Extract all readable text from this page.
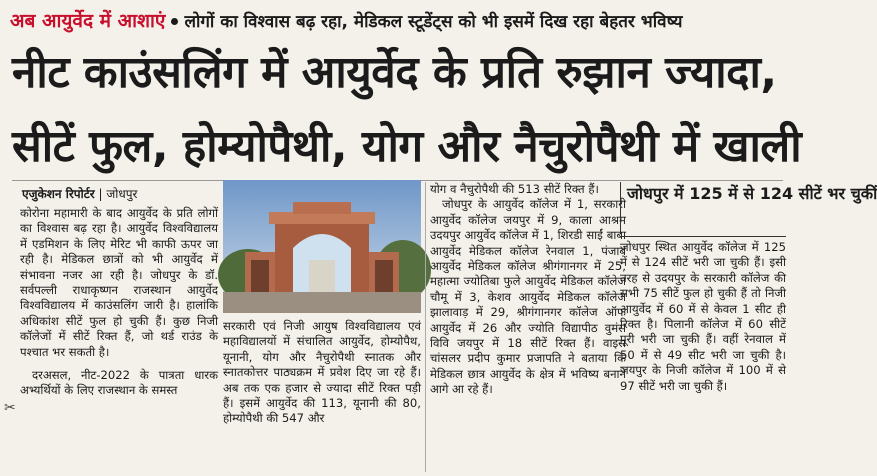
अब आयुर्वेद में आशाएं लोगों का विश्वास बढ़ रहा, मेडिकल स्टूडेंट्स को भी इसमें दिख रहा बेहतर भविष्य
नीट काउंसलिंग में आयुर्वेद के प्रति रुझान ज्यादा,
सीटें फुल, होम्योपैथी, योग और नैचुरोपैथी में खाली
एजुकेशन रिपोर्टर | जोधपुर

कोरोना महामारी के बाद आयुर्वेद के प्रति लोगों का विश्वास बढ़ रहा है। आयुर्वेद विश्वविद्यालय में एडमिशन के लिए मेरिट भी काफी ऊपर जा रही है। मेडिकल छात्रों को भी आयुर्वेद में संभावना नजर आ रही है। जोधपुर के डॉ. सर्वपल्ली राधाकृष्णन राजस्थान आयुर्वेद विश्वविद्यालय में काउंसलिंग जारी है। हालांकि अधिकांश सीटें फुल हो चुकी हैं। कुछ निजी कॉलेजों में सीटें रिक्त हैं, जो थर्ड राउंड के पश्चात भर सकती है।

दरअसल, नीट-2022 के पात्रता धारक अभ्यर्थियों के लिए राजस्थान के समस्त

सरकारी एवं निजी आयुष विश्वविद्यालय एवं महाविद्यालयों में संचालित आयुर्वेद, होम्योपैथ, यूनानी, योग और नैचुरोपैथी स्नातक और स्नातकोत्तर पाठ्यक्रम में प्रवेश दिए जा रहे हैं। अब तक एक हजार से ज्यादा सीटें रिक्त पड़ी हैं। इसमें आयुर्वेद की 113, यूनानी की 80, होम्योपैथी की 547 और

योग व नैचुरोपैथी की 513 सीटें रिक्त हैं।

जोधपुर के आयुर्वेद कॉलेज में 1, सरकारी आयुर्वेद कॉलेज जयपुर में 9, काला आश्रम उदयपुर आयुर्वेद कॉलेज में 1, शिरडी साईं बाबा आयुर्वेद मेडिकल कॉलेज रेनवाल 1, पंजाब आयुर्वेद मेडिकल कॉलेज श्रीगंगानगर में 25, महात्मा ज्योतिबा फुले आयुर्वेद मेडिकल कॉलेज चौमू में 3, केशव आयुर्वेद मेडिकल कॉलेज झालावाड़ में 29, श्रीगंगानगर कॉलेज ऑफ आयुर्वेद में 26 और ज्योति विद्यापीठ वुमंस विवि जयपुर में 18 सीटें रिक्त हैं। वाइस चांसलर प्रदीप कुमार प्रजापति ने बताया कि मेडिकल छात्र आयुर्वेद के क्षेत्र में भविष्य बनाने आगे आ रहे हैं।

जोधपुर में 125 में से 124 सीटें भर चुकीं
जोधपुर स्थित आयुर्वेद कॉलेज में 125 में से 124 सीटें भरी जा चुकी हैं। इसी तरह से उदयपुर के सरकारी कॉलेज की सभी 75 सीटें फुल हो चुकी हैं तो निजी आयुर्वेद में 60 में से केवल 1 सीट ही रिक्त है। पिलानी कॉलेज में 60 सीटें पूरी भरी जा चुकी हैं। वहीं रेनवाल में 50 में से 49 सीट भरी जा चुकी है। जयपुर के निजी कॉलेज में 100 में से 97 सीटें भरी जा चुकी हैं।
✂
